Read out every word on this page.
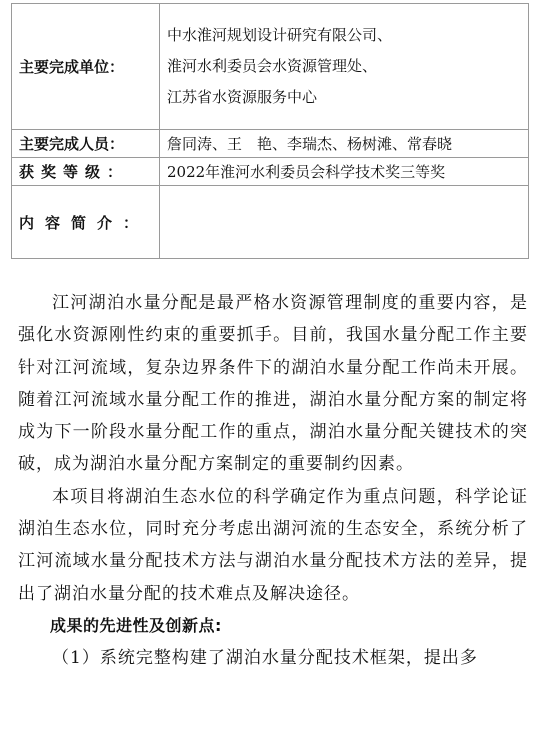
主要完成单位：	中水淮河规划设计研究有限公司、
淮河水利委员会水资源管理处、
江苏省水资源服务中心

主要完成人员：	詹同涛、王　艳、李瑞杰、杨树滩、常春晓
获奖等级：	2022年淮河水利委员会科学技术奖三等奖
内容简介：	

江河湖泊水量分配是最严格水资源管理制度的重要内容，是强化水资源刚性约束的重要抓手。目前，我国水量分配工作主要针对江河流域，复杂边界条件下的湖泊水量分配工作尚未开展。随着江河流域水量分配工作的推进，湖泊水量分配方案的制定将成为下一阶段水量分配工作的重点，湖泊水量分配关键技术的突破，成为湖泊水量分配方案制定的重要制约因素。

本项目将湖泊生态水位的科学确定作为重点问题，科学论证湖泊生态水位，同时充分考虑出湖河流的生态安全，系统分析了江河流域水量分配技术方法与湖泊水量分配技术方法的差异，提出了湖泊水量分配的技术难点及解决途径。

成果的先进性及创新点:

（1）系统完整构建了湖泊水量分配技术框架，提出多
